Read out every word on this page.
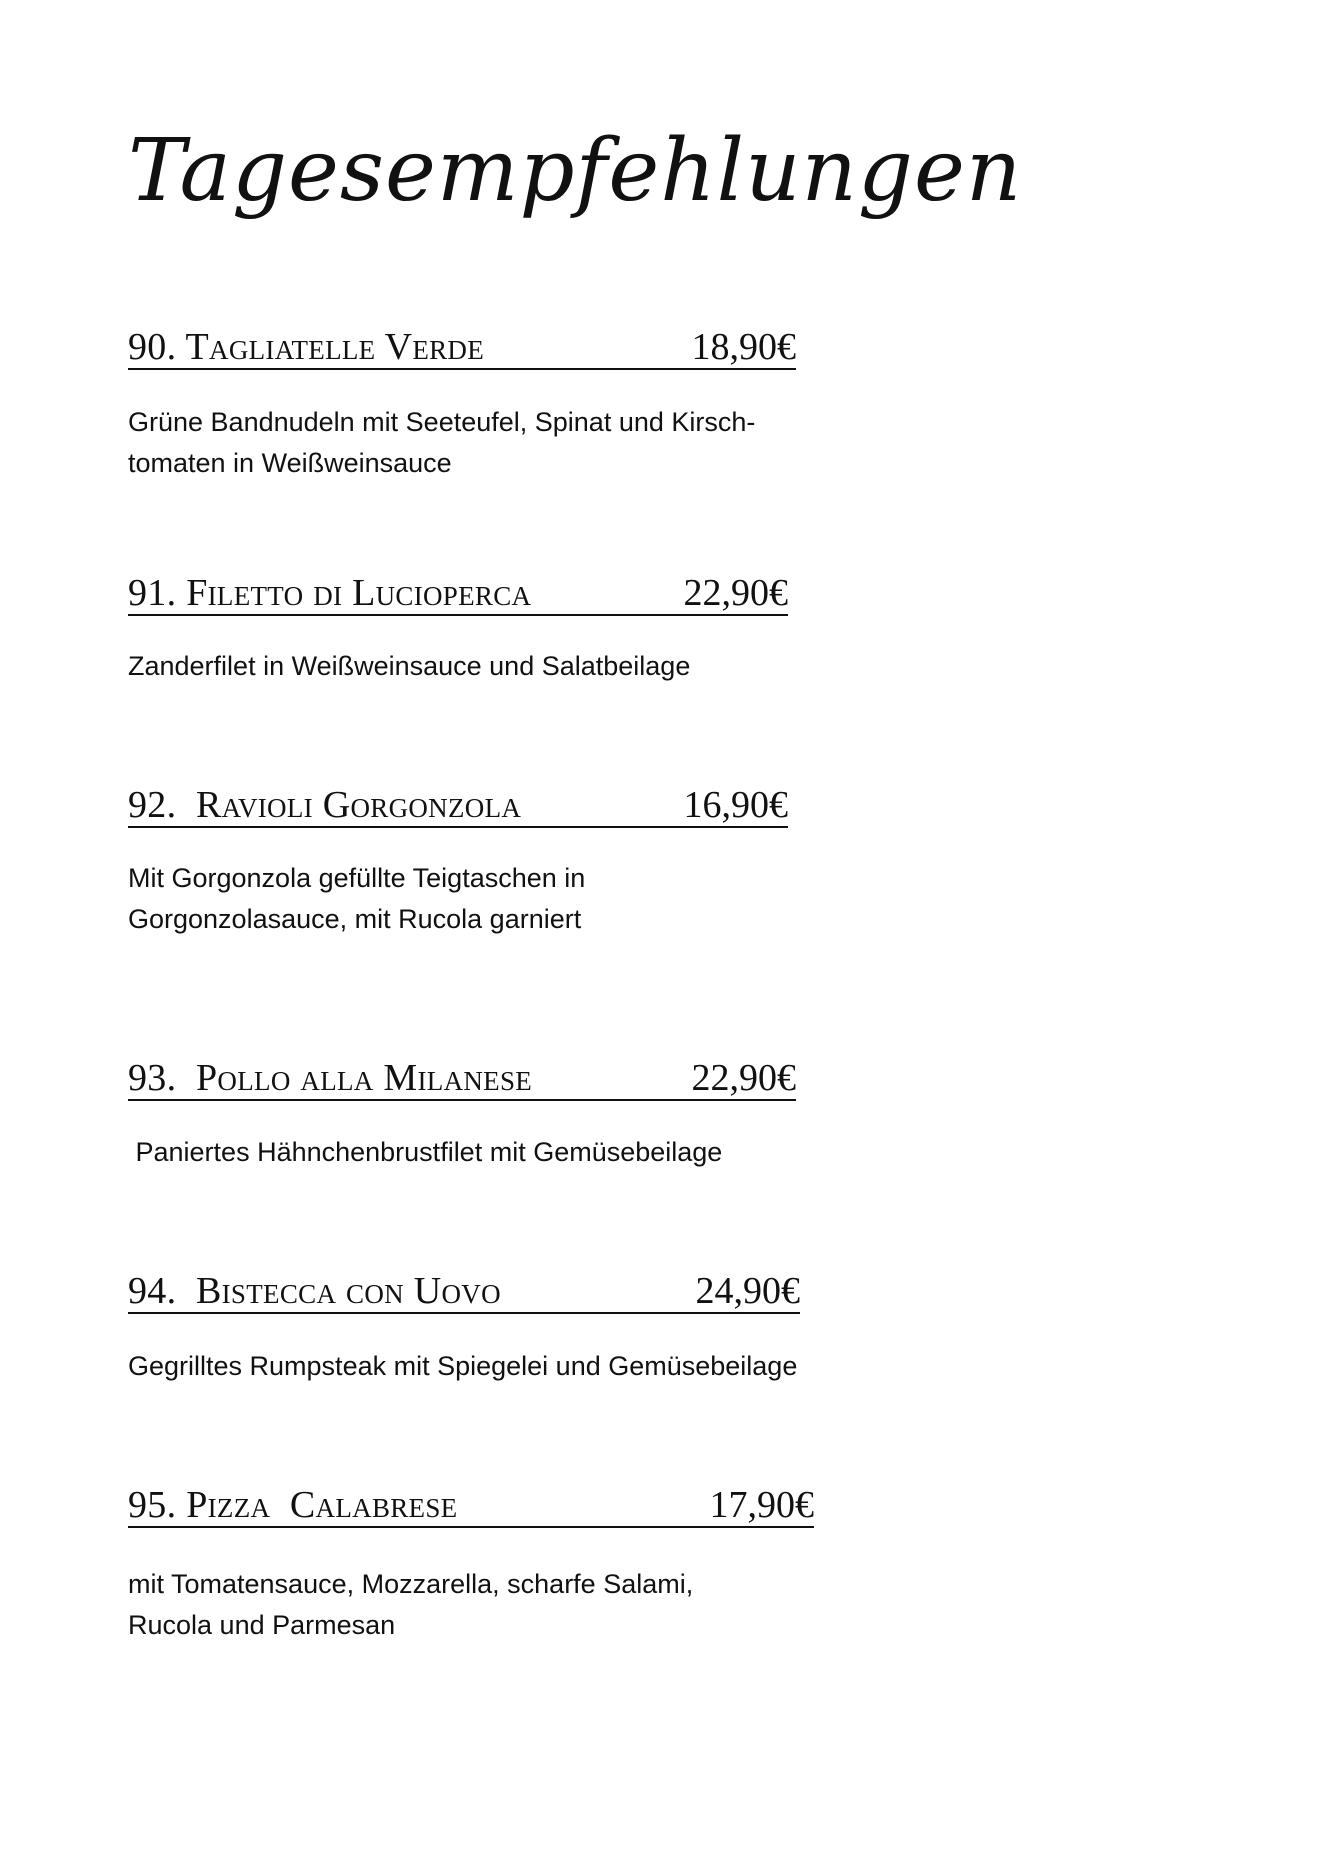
Tagesempfehlungen
90. Tagliatelle Verde	18,90€

Grüne Bandnudeln mit Seeteufel, Spinat und Kirsch-
tomaten in Weißweinsauce

91. Filetto di Lucioperca	22,90€

Zanderfilet in Weißweinsauce und Salatbeilage

92.  Ravioli Gorgonzola	16,90€

Mit Gorgonzola gefüllte Teigtaschen in
Gorgonzolasauce, mit Rucola garniert

93.  Pollo alla Milanese	22,90€

Paniertes Hähnchenbrustfilet mit Gemüsebeilage

94.  Bistecca con Uovo	24,90€

Gegrilltes Rumpsteak mit Spiegelei und Gemüsebeilage

95. Pizza  Calabrese	17,90€

mit Tomatensauce, Mozzarella, scharfe Salami,
Rucola und Parmesan
